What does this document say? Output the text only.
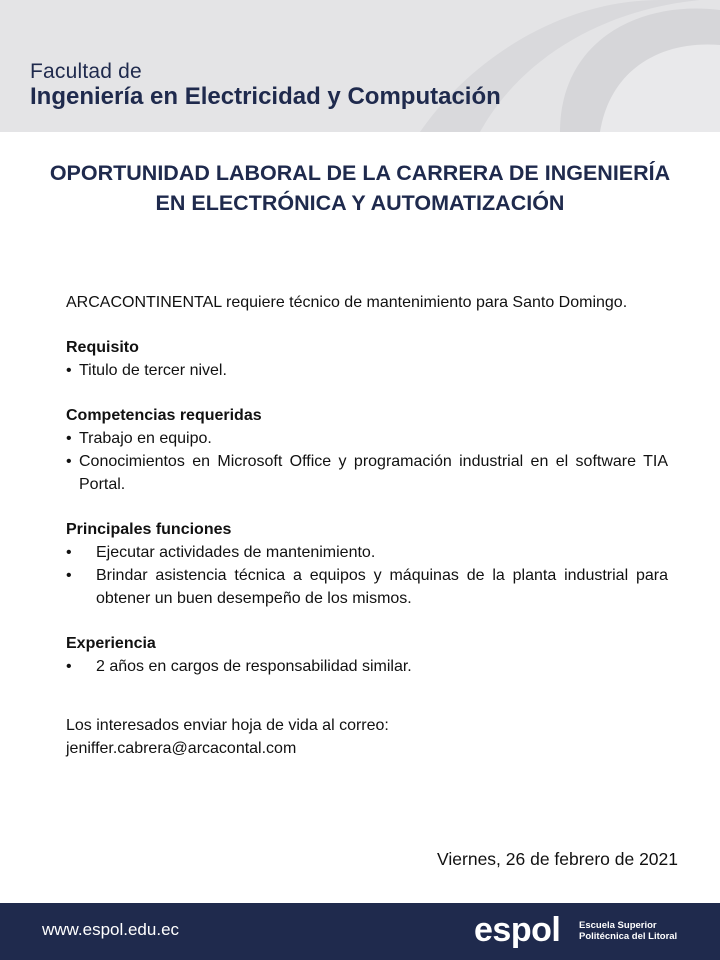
Facultad de
Ingeniería en Electricidad y Computación
OPORTUNIDAD LABORAL DE LA CARRERA DE INGENIERÍA EN ELECTRÓNICA Y AUTOMATIZACIÓN

ARCACONTINENTAL requiere técnico de mantenimiento para Santo Domingo.

Requisito
• Titulo de tercer nivel.
Competencias requeridas
• Trabajo en equipo.
• Conocimientos en Microsoft Office y programación industrial en el software TIA Portal.
Principales funciones
• Ejecutar actividades de mantenimiento.
• Brindar asistencia técnica a equipos y máquinas de la planta industrial para obtener un buen desempeño de los mismos.
Experiencia
• 2 años en cargos de responsabilidad similar.

Los interesados enviar hoja de vida al correo:

jeniffer.cabrera@arcacontal.com

Viernes, 26 de febrero de 2021
www.espol.edu.ec	espol Escuela Superior
Politécnica del Litoral
